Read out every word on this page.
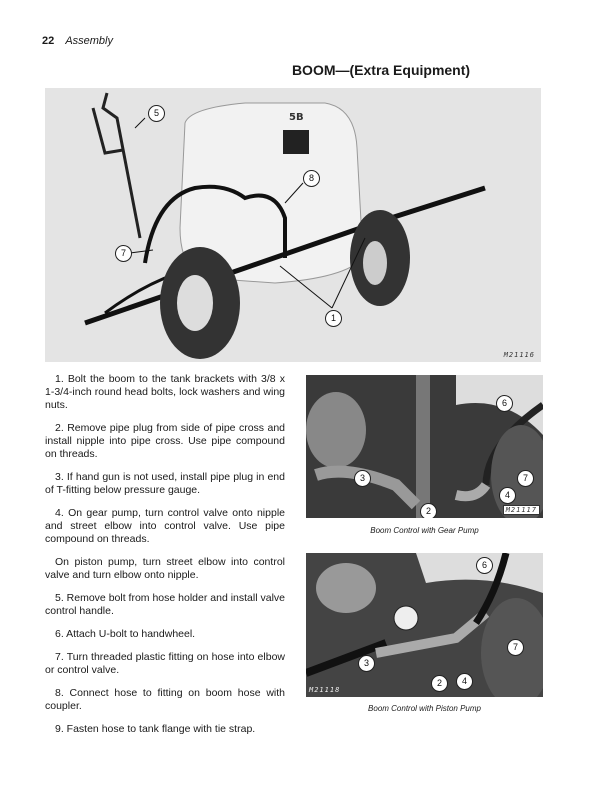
22 Assembly
BOOM—(Extra Equipment)
5B
5
8
7
1
M21116

1. Bolt the boom to the tank brackets with 3/8 x 1-3/4-inch round head bolts, lock washers and wing nuts.

2. Remove pipe plug from side of pipe cross and install nipple into pipe cross. Use pipe compound on threads.

3. If hand gun is not used, install pipe plug in end of T-fitting below pressure gauge.

4. On gear pump, turn control valve onto nipple and street elbow into control valve. Use pipe compound on threads.

On piston pump, turn street elbow into control valve and turn elbow onto nipple.

5. Remove bolt from hose holder and install valve control handle.

6. Attach U-bolt to handwheel.

7. Turn threaded plastic fitting on hose into elbow or control valve.

8. Connect hose to fitting on boom hose with coupler.

9. Fasten hose to tank flange with tie strap.

6
3	7
4
2	M21117
Boom Control with Gear Pump
6
7
3
2	4
M21118
Boom Control with Piston Pump
